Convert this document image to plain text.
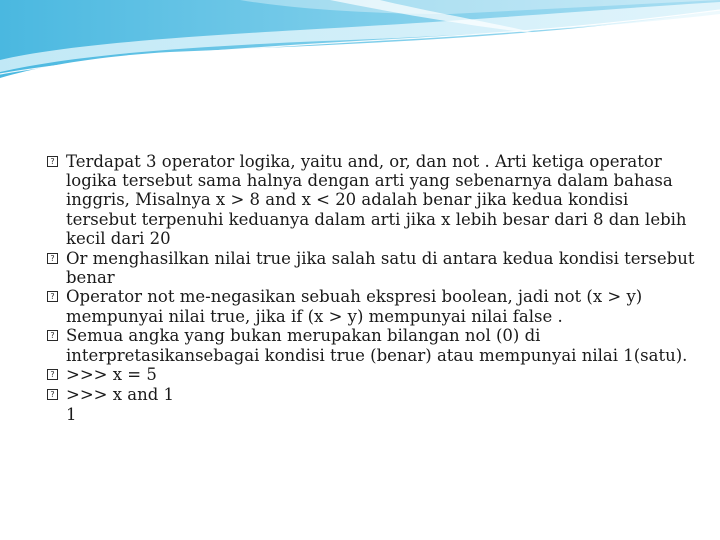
?
Terdapat 3 operator logika, yaitu and, or, dan not . Arti ketiga operator logika tersebut sama halnya dengan arti yang sebenarnya dalam bahasa inggris, Misalnya x > 8 and x < 20 adalah benar jika kedua kondisi tersebut terpenuhi keduanya dalam arti jika x lebih besar dari 8 dan lebih kecil dari 20
?
Or menghasilkan nilai true jika salah satu di antara kedua kondisi tersebut benar
?
Operator not me-negasikan sebuah ekspresi boolean, jadi not (x > y) mempunyai nilai true, jika if (x > y) mempunyai nilai false .
?
Semua angka yang bukan merupakan bilangan nol (0) di interpretasikansebagai kondisi true (benar) atau mempunyai nilai 1(satu).
?
>>> x = 5
?
>>> x and 1
1
